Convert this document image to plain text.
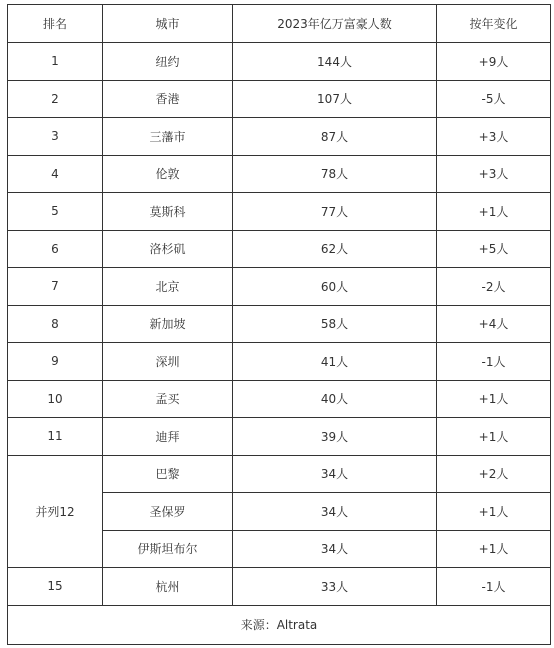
排名	城市	2023年亿万富豪人数	按年变化
1	纽约	144人	+9人
2	香港	107人	-5人
3	三藩市	87人	+3人
4	伦敦	78人	+3人
5	莫斯科	77人	+1人
6	洛杉矶	62人	+5人
7	北京	60人	-2人
8	新加坡	58人	+4人
9	深圳	41人	-1人
10	孟买	40人	+1人
11	迪拜	39人	+1人
并列12	巴黎	34人	+2人
	圣保罗	34人	+1人
	伊斯坦布尔	34人	+1人
15	杭州	33人	-1人
来源：Altrata			
